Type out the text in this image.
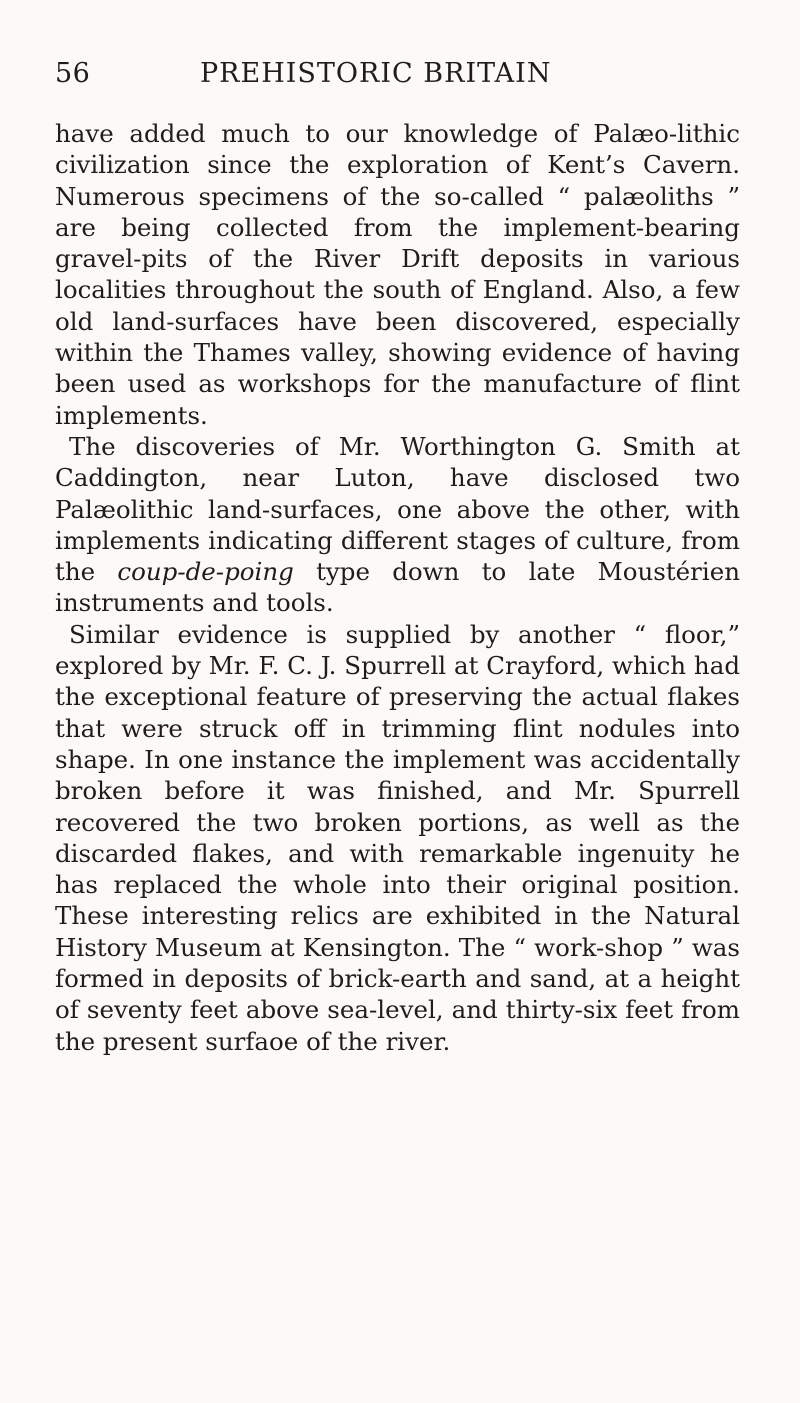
56	PREHISTORIC BRITAIN

have added much to our knowledge of Palæo-lithic civilization since the exploration of Kent’s Cavern. Numerous specimens of the so-called “ palæoliths ” are being collected from the implement-bearing gravel-pits of the River Drift deposits in various localities throughout the south of England. Also, a few old land-surfaces have been discovered, especially within the Thames valley, showing evidence of having been used as workshops for the manufacture of flint implements.

The discoveries of Mr. Worthington G. Smith at Caddington, near Luton, have disclosed two Palæolithic land-surfaces, one above the other, with implements indicating different stages of culture, from the coup-de-poing type down to late Moustérien instruments and tools.

Similar evidence is supplied by another “ floor,” explored by Mr. F. C. J. Spurrell at Crayford, which had the exceptional feature of preserving the actual flakes that were struck off in trimming flint nodules into shape. In one instance the implement was accidentally broken before it was finished, and Mr. Spurrell recovered the two broken portions, as well as the discarded flakes, and with remarkable ingenuity he has replaced the whole into their original position. These interesting relics are exhibited in the Natural History Museum at Kensington. The “ work-shop ” was formed in deposits of brick-earth and sand, at a height of seventy feet above sea-level, and thirty-six feet from the present surfaoe of the river.
